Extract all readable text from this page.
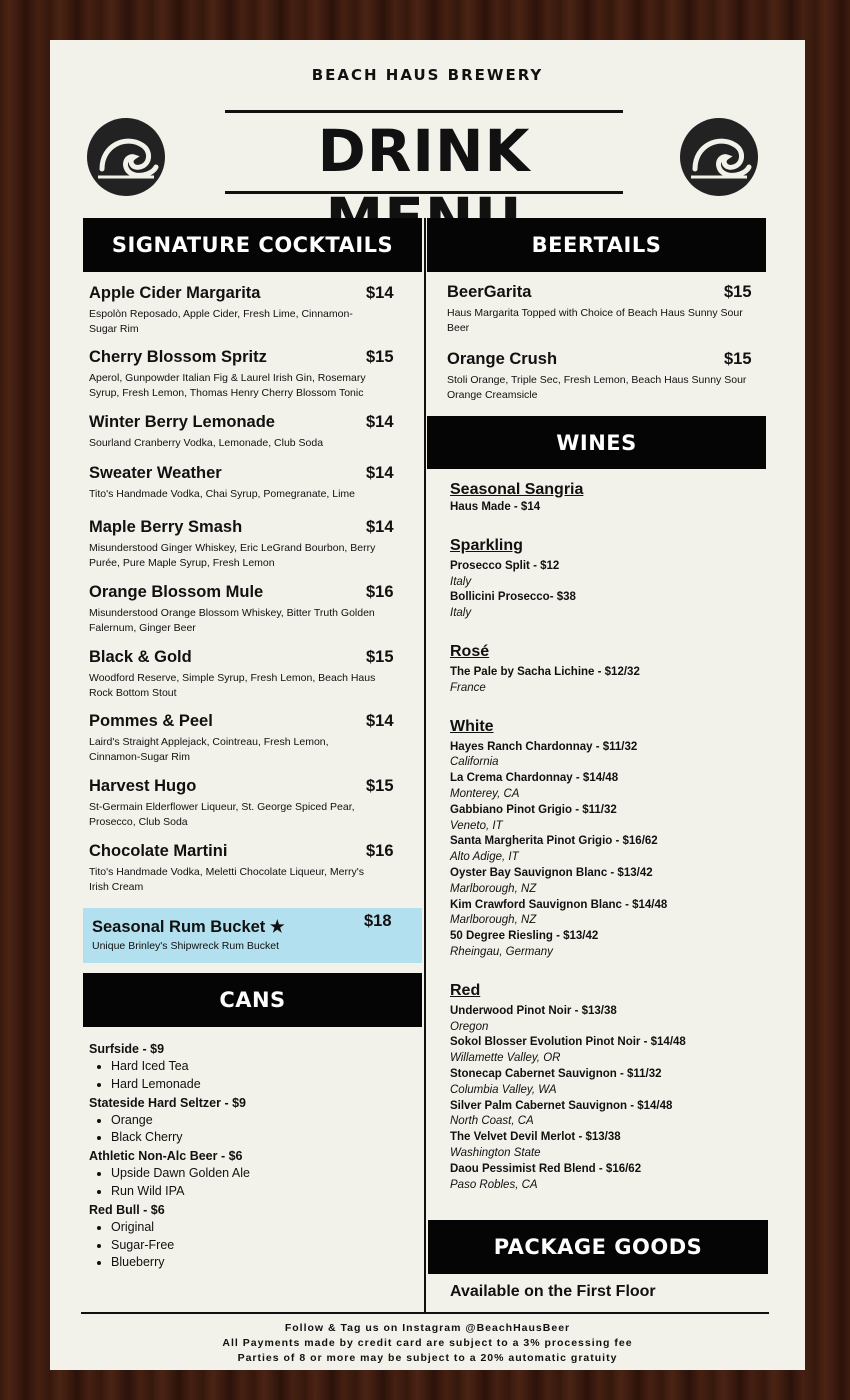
BEACH HAUS BREWERY
DRINK
SIGNATURE COCKTAILS
Apple Cider Margarita	$14
Espolòn Reposado, Apple Cider, Fresh Lime, Cinnamon-Sugar Rim
Cherry Blossom Spritz	$15
Aperol, Gunpowder Italian Fig & Laurel Irish Gin, Rosemary Syrup, Fresh Lemon, Thomas Henry Cherry Blossom Tonic
Winter Berry Lemonade	$14
Sourland Cranberry Vodka, Lemonade, Club Soda
Sweater Weather	$14
Tito's Handmade Vodka, Chai Syrup, Pomegranate, Lime
Maple Berry Smash	$14
Misunderstood Ginger Whiskey, Eric LeGrand Bourbon, Berry Purée, Pure Maple Syrup, Fresh Lemon
Orange Blossom Mule	$16
Misunderstood Orange Blossom Whiskey, Bitter Truth Golden Falernum, Ginger Beer
Black & Gold	$15
Woodford Reserve, Simple Syrup, Fresh Lemon, Beach Haus Rock Bottom Stout
Pommes & Peel	$14
Laird's Straight Applejack, Cointreau, Fresh Lemon, Cinnamon-Sugar Rim
Harvest Hugo	$15
St-Germain Elderflower Liqueur, St. George Spiced Pear, Prosecco, Club Soda
Chocolate Martini	$16
Tito's Handmade Vodka, Meletti Chocolate Liqueur, Merry's Irish Cream
Seasonal Rum Bucket ★	$18
Unique Brinley's Shipwreck Rum Bucket
CANS
Surfside - $9
• Hard Iced Tea
• Hard Lemonade
Stateside Hard Seltzer - $9
• Orange
• Black Cherry
Athletic Non-Alc Beer - $6
• Upside Dawn Golden Ale
• Run Wild IPA
Red Bull - $6
• Original
• Sugar-Free
• Blueberry
BEERTAILS
BeerGarita	$15
Haus Margarita Topped with Choice of Beach Haus Sunny Sour Beer
Orange Crush	$15
Stoli Orange, Triple Sec, Fresh Lemon, Beach Haus Sunny Sour Orange Creamsicle
WINES
Seasonal Sangria
Haus Made - $14
Sparkling
Prosecco Split - $12
Italy
Bollicini Prosecco- $38
Italy
Rosé
The Pale by Sacha Lichine - $12/32
France
White
Hayes Ranch Chardonnay - $11/32
California
La Crema Chardonnay - $14/48
Monterey, CA
Gabbiano Pinot Grigio - $11/32
Veneto, IT
Santa Margherita Pinot Grigio - $16/62
Alto Adige, IT
Oyster Bay Sauvignon Blanc - $13/42
Marlborough, NZ
Kim Crawford Sauvignon Blanc - $14/48
Marlborough, NZ
50 Degree Riesling - $13/42
Rheingau, Germany
Red
Underwood Pinot Noir - $13/38
Oregon
Sokol Blosser Evolution Pinot Noir - $14/48
Willamette Valley, OR
Stonecap Cabernet Sauvignon - $11/32
Columbia Valley, WA
Silver Palm Cabernet Sauvignon - $14/48
North Coast, CA
The Velvet Devil Merlot - $13/38
Washington State
Daou Pessimist Red Blend - $16/62
Paso Robles, CA
PACKAGE GOODS
Available on the First Floor
Follow & Tag us on Instagram @BeachHausBeer
All Payments made by credit card are subject to a 3% processing fee
Parties of 8 or more may be subject to a 20% automatic gratuity
